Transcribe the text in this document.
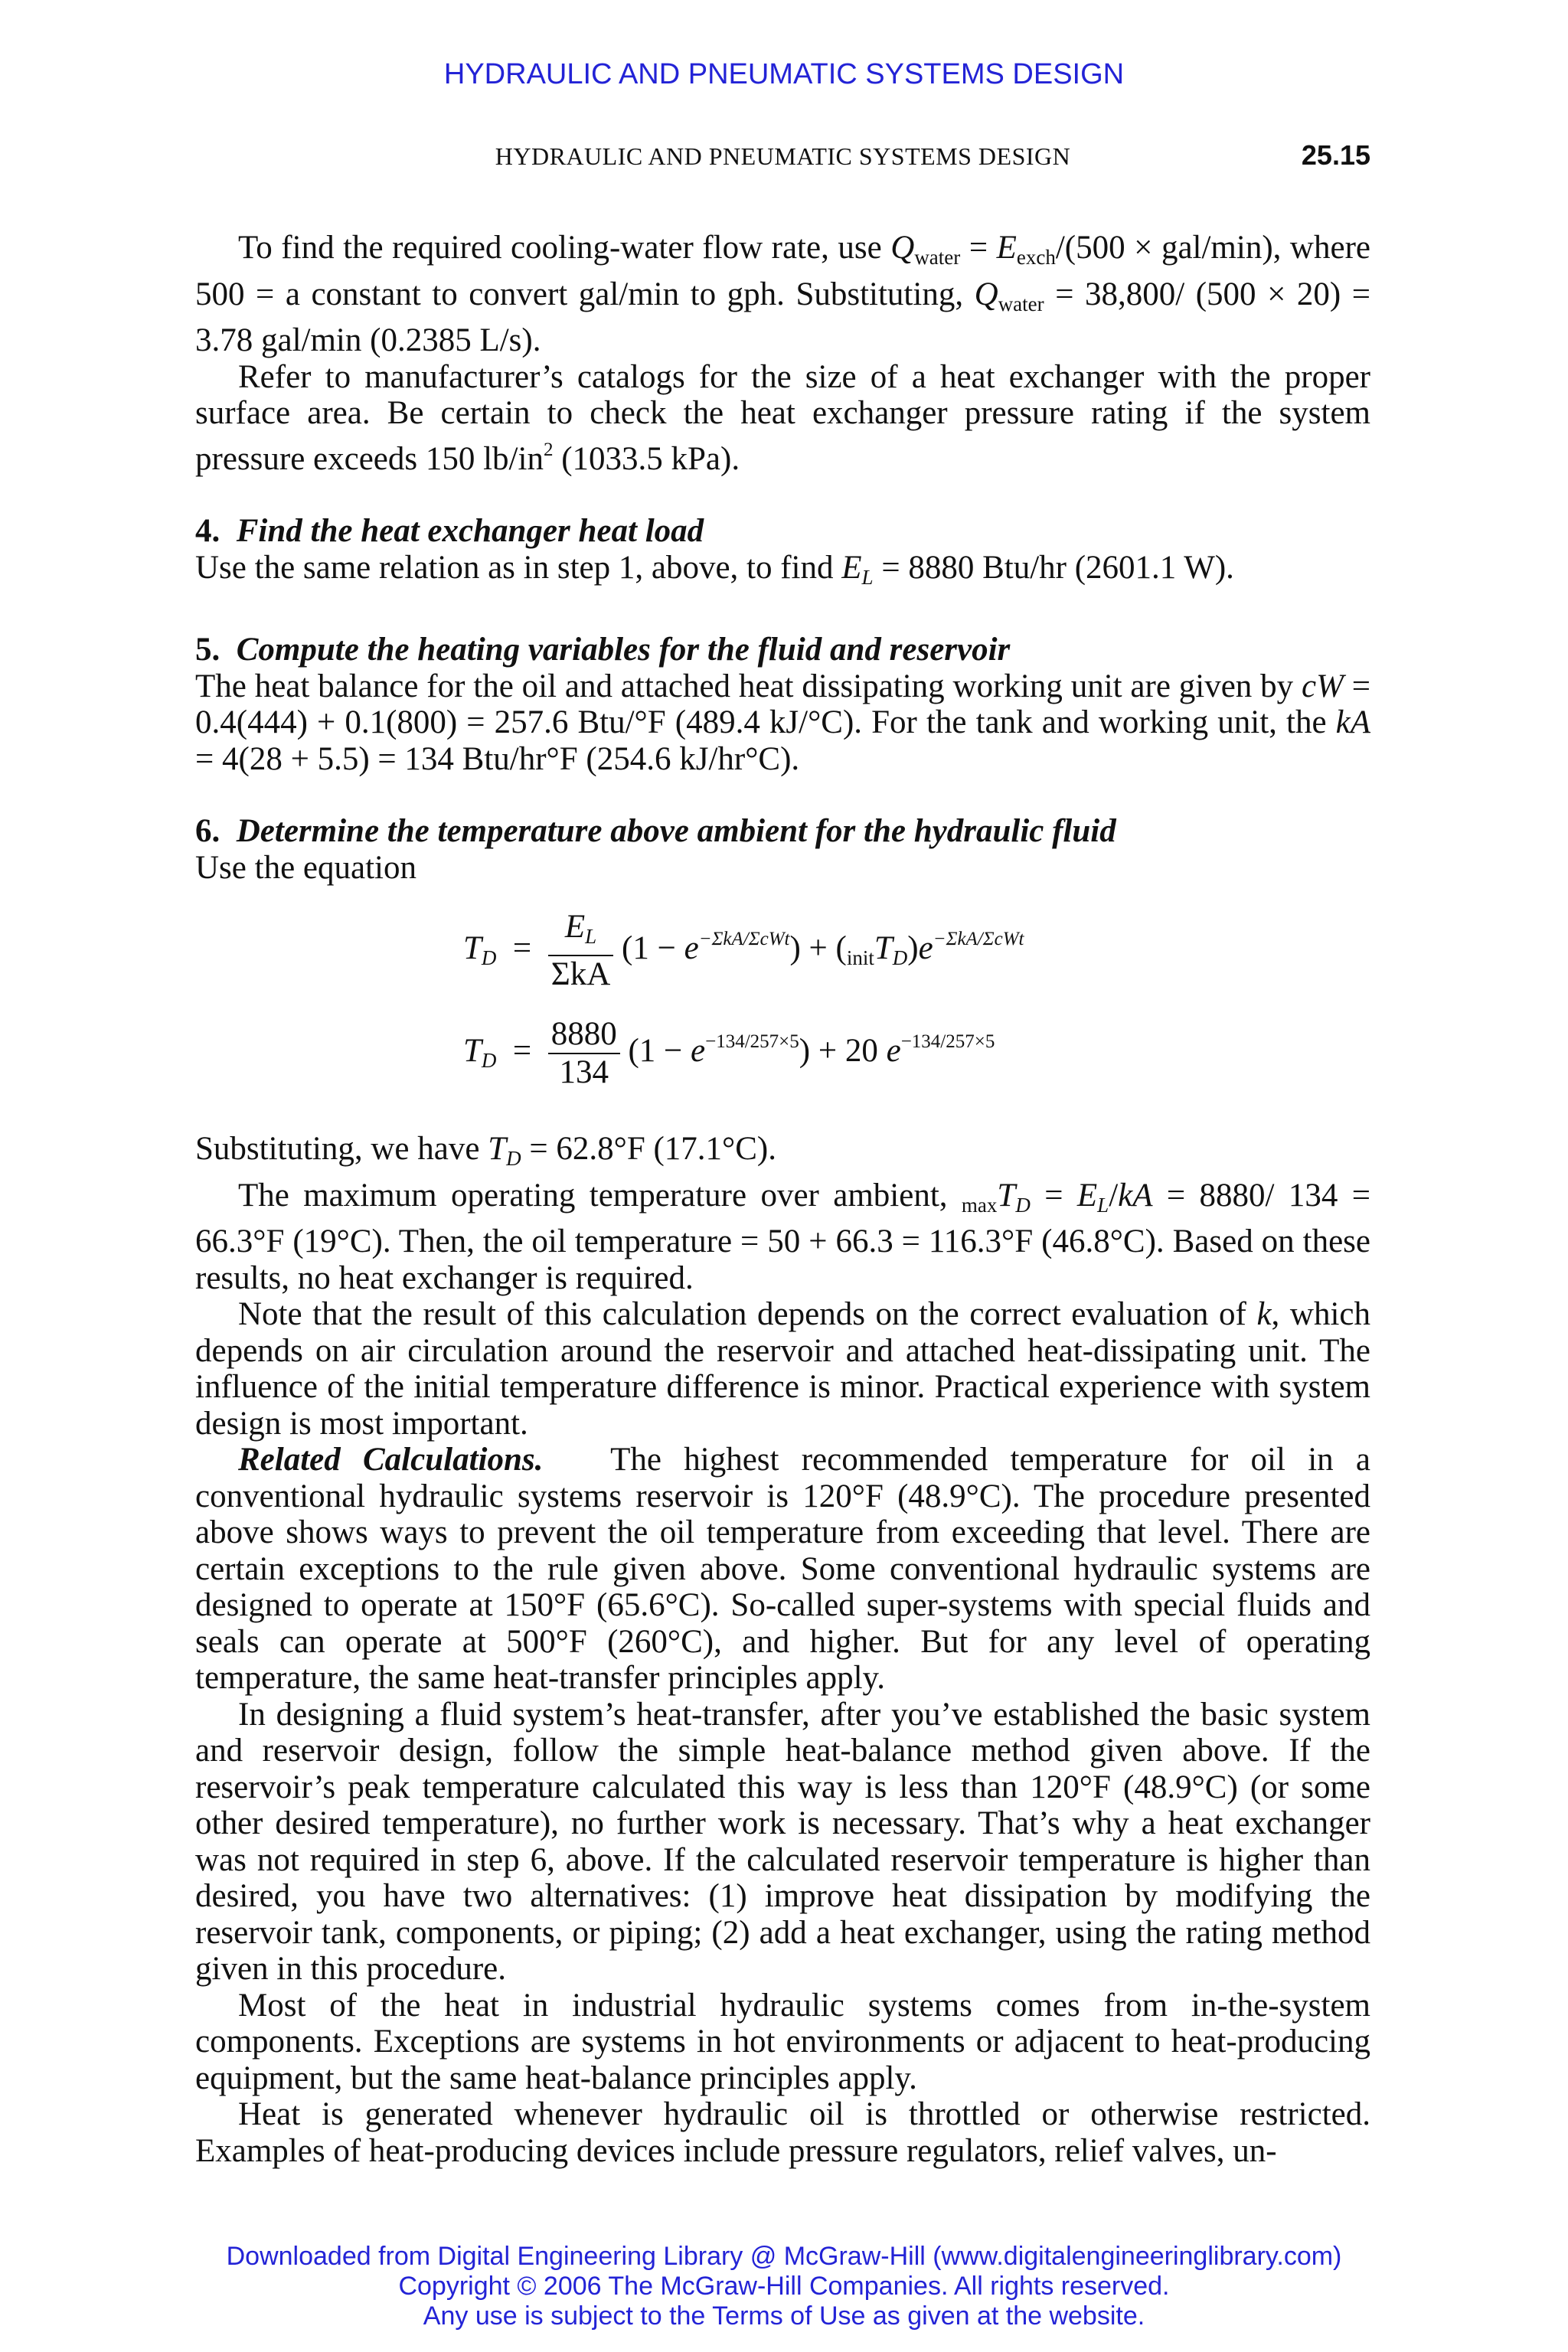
HYDRAULIC AND PNEUMATIC SYSTEMS DESIGN
HYDRAULIC AND PNEUMATIC SYSTEMS DESIGN	25.15

To find the required cooling-water flow rate, use $Q_{water} = E_{exch}/(500 \times gal/\min)$, where 500 = a constant to convert gal/min to gph. Substituting, $Q_{water} = 38,800/$ (500 × 20) = 3.78 gal/min (0.2385 L/s).

Refer to manufacturer’s catalogs for the size of a heat exchanger with the proper surface area. Be certain to check the heat exchanger pressure rating if the system pressure exceeds 150 $lb/in^2$ (1033.5 kPa).

4. Find the heat exchanger heat load

Use the same relation as in step 1, above, to find $E_L = 8880$ Btu/hr (2601.1 W).

5. Compute the heating variables for the fluid and reservoir

The heat balance for the oil and attached heat dissipating working unit are given by cW = 0.4(444) + 0.1(800) = 257.6 Btu/°F (489.4 kJ/°C). For the tank and working unit, the kA = 4(28 + 5.5) = 134 Btu/hr°F (254.6 kJ/hr°C).

6. Determine the temperature above ambient for the hydraulic fluid

Use the equation

$T_D = \frac{E_L}{\text{ΣkA}} (1 - e^{-\Sigma kA/\Sigma cWt}) + (_{init}T_D)e^{-\Sigma kA/\Sigma cWt}$
$T_D = \frac{8880}{134} (1 - e^{-134/257\times 5}) + 20$ $e^{-134/257\times 5}$

Substituting, we have $T_D = 62.8^\circ F$ (17.1°C).

The maximum operating temperature over ambient, $_{max}T_D = E_L/kA = 8880/$ 134 = 66.3°F (19°C). Then, the oil temperature = 50 + 66.3 = 116.3°F (46.8°C). Based on these results, no heat exchanger is required.

Note that the result of this calculation depends on the correct evaluation of k, which depends on air circulation around the reservoir and attached heat-dissipating unit. The influence of the initial temperature difference is minor. Practical experience with system design is most important.

Related Calculations. The highest recommended temperature for oil in a conventional hydraulic systems reservoir is 120°F (48.9°C). The procedure presented above shows ways to prevent the oil temperature from exceeding that level. There are certain exceptions to the rule given above. Some conventional hydraulic systems are designed to operate at 150°F (65.6°C). So-called super-systems with special fluids and seals can operate at 500°F (260°C), and higher. But for any level of operating temperature, the same heat-transfer principles apply.

In designing a fluid system’s heat-transfer, after you’ve established the basic system and reservoir design, follow the simple heat-balance method given above. If the reservoir’s peak temperature calculated this way is less than 120°F (48.9°C) (or some other desired temperature), no further work is necessary. That’s why a heat exchanger was not required in step 6, above. If the calculated reservoir temperature is higher than desired, you have two alternatives: (1) improve heat dissipation by modifying the reservoir tank, components, or piping; (2) add a heat exchanger, using the rating method given in this procedure.

Most of the heat in industrial hydraulic systems comes from in-the-system components. Exceptions are systems in hot environments or adjacent to heat-producing equipment, but the same heat-balance principles apply.

Heat is generated whenever hydraulic oil is throttled or otherwise restricted. Examples of heat-producing devices include pressure regulators, relief valves, un-

Downloaded from Digital Engineering Library @ McGraw-Hill (www.digitalengineeringlibrary.com)
Copyright © 2006 The McGraw-Hill Companies. All rights reserved.
Any use is subject to the Terms of Use as given at the website.
